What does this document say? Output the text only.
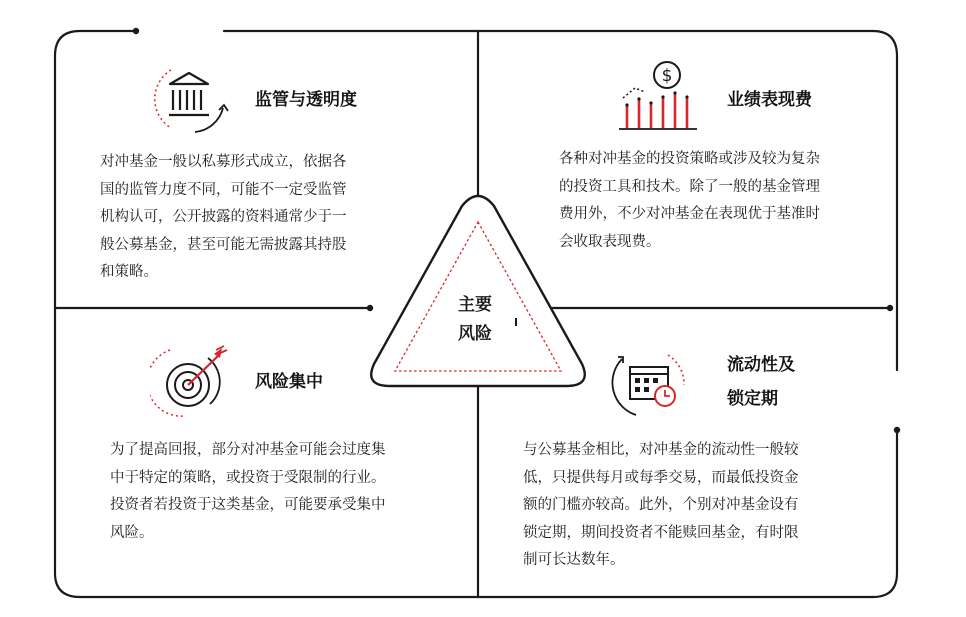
$
监管与透明度
对冲基金一般以私募形式成立，依据各
国的监管力度不同，可能不一定受监管
机构认可，公开披露的资料通常少于一
般公募基金，甚至可能无需披露其持股
和策略。
业绩表现费
各种对冲基金的投资策略或涉及较为复杂
的投资工具和技术。除了一般的基金管理
费用外，不少对冲基金在表现优于基准时
会收取表现费。
风险集中
为了提高回报，部分对冲基金可能会过度集
中于特定的策略，或投资于受限制的行业。
投资者若投资于这类基金，可能要承受集中
风险。
流动性及
锁定期
与公募基金相比，对冲基金的流动性一般较
低，只提供每月或每季交易，而最低投资金
额的门槛亦较高。此外，个别对冲基金设有
锁定期，期间投资者不能赎回基金，有时限
制可长达数年。
主要
风险
